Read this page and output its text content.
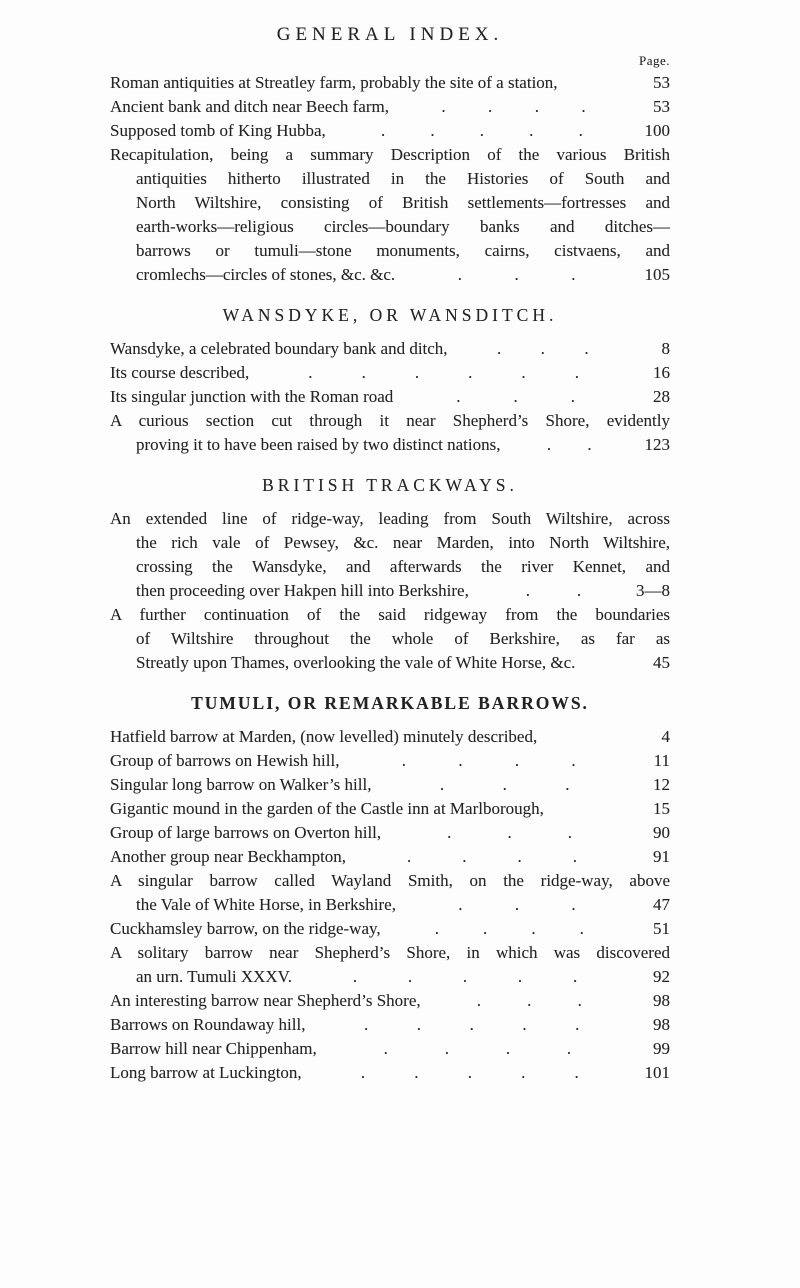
GENERAL INDEX.
Page.
Roman antiquities at Streatley farm, probably the site of a station,	53
Ancient bank and ditch near Beech farm,	. . . .	53
Supposed tomb of King Hubba,	.	.	.	.	.	100
Recapitulation, being a summary Description of the various British
antiquities hitherto illustrated in the Histories of South and
North Wiltshire, consisting of British settlements—fortresses and
earth-works—religious circles—boundary banks and ditches—
barrows or tumuli—stone monuments, cairns, cistvaens, and
cromlechs—circles of stones, &c. &c.	.	.	.	105
WANSDYKE, OR WANSDITCH.
Wansdyke, a celebrated boundary bank and ditch,	. . .	8
Its course described,	.	.	.	.	.	.	16
Its singular junction with the Roman road	.	.	.	28
A curious section cut through it near Shepherd’s Shore, evidently
proving it to have been raised by two distinct nations,	. .	123
BRITISH TRACKWAYS.
An extended line of ridge-way, leading from South Wiltshire, across
the rich vale of Pewsey, &c. near Marden, into North Wiltshire,
crossing the Wansdyke, and afterwards the river Kennet, and
then proceeding over Hakpen hill into Berkshire,	.	.	3—8
A further continuation of the said ridgeway from the boundaries
of Wiltshire throughout the whole of Berkshire, as far as
Streatly upon Thames, overlooking the vale of White Horse, &c.	45
TUMULI, OR REMARKABLE BARROWS.
Hatfield barrow at Marden, (now levelled) minutely described,	4
Group of barrows on Hewish hill,	.	.	.	.	11
Singular long barrow on Walker’s hill,	.	.	.	12
Gigantic mound in the garden of the Castle inn at Marlborough,	15
Group of large barrows on Overton hill,	.	.	.	90
Another group near Beckhampton,	.	.	.	.	91
A singular barrow called Wayland Smith, on the ridge-way, above
the Vale of White Horse, in Berkshire,	.	.	.	47
Cuckhamsley barrow, on the ridge-way,	.	.	.	.	51
A solitary barrow near Shepherd’s Shore, in which was discovered
an urn. Tumuli XXXV.	.	.	.	.	.	92
An interesting barrow near Shepherd’s Shore,	.	.	.	98
Barrows on Roundaway hill,	.	.	.	.	.	98
Barrow hill near Chippenham,	.	.	.	.	99
Long barrow at Luckington,	.	.	.	.	.	101
